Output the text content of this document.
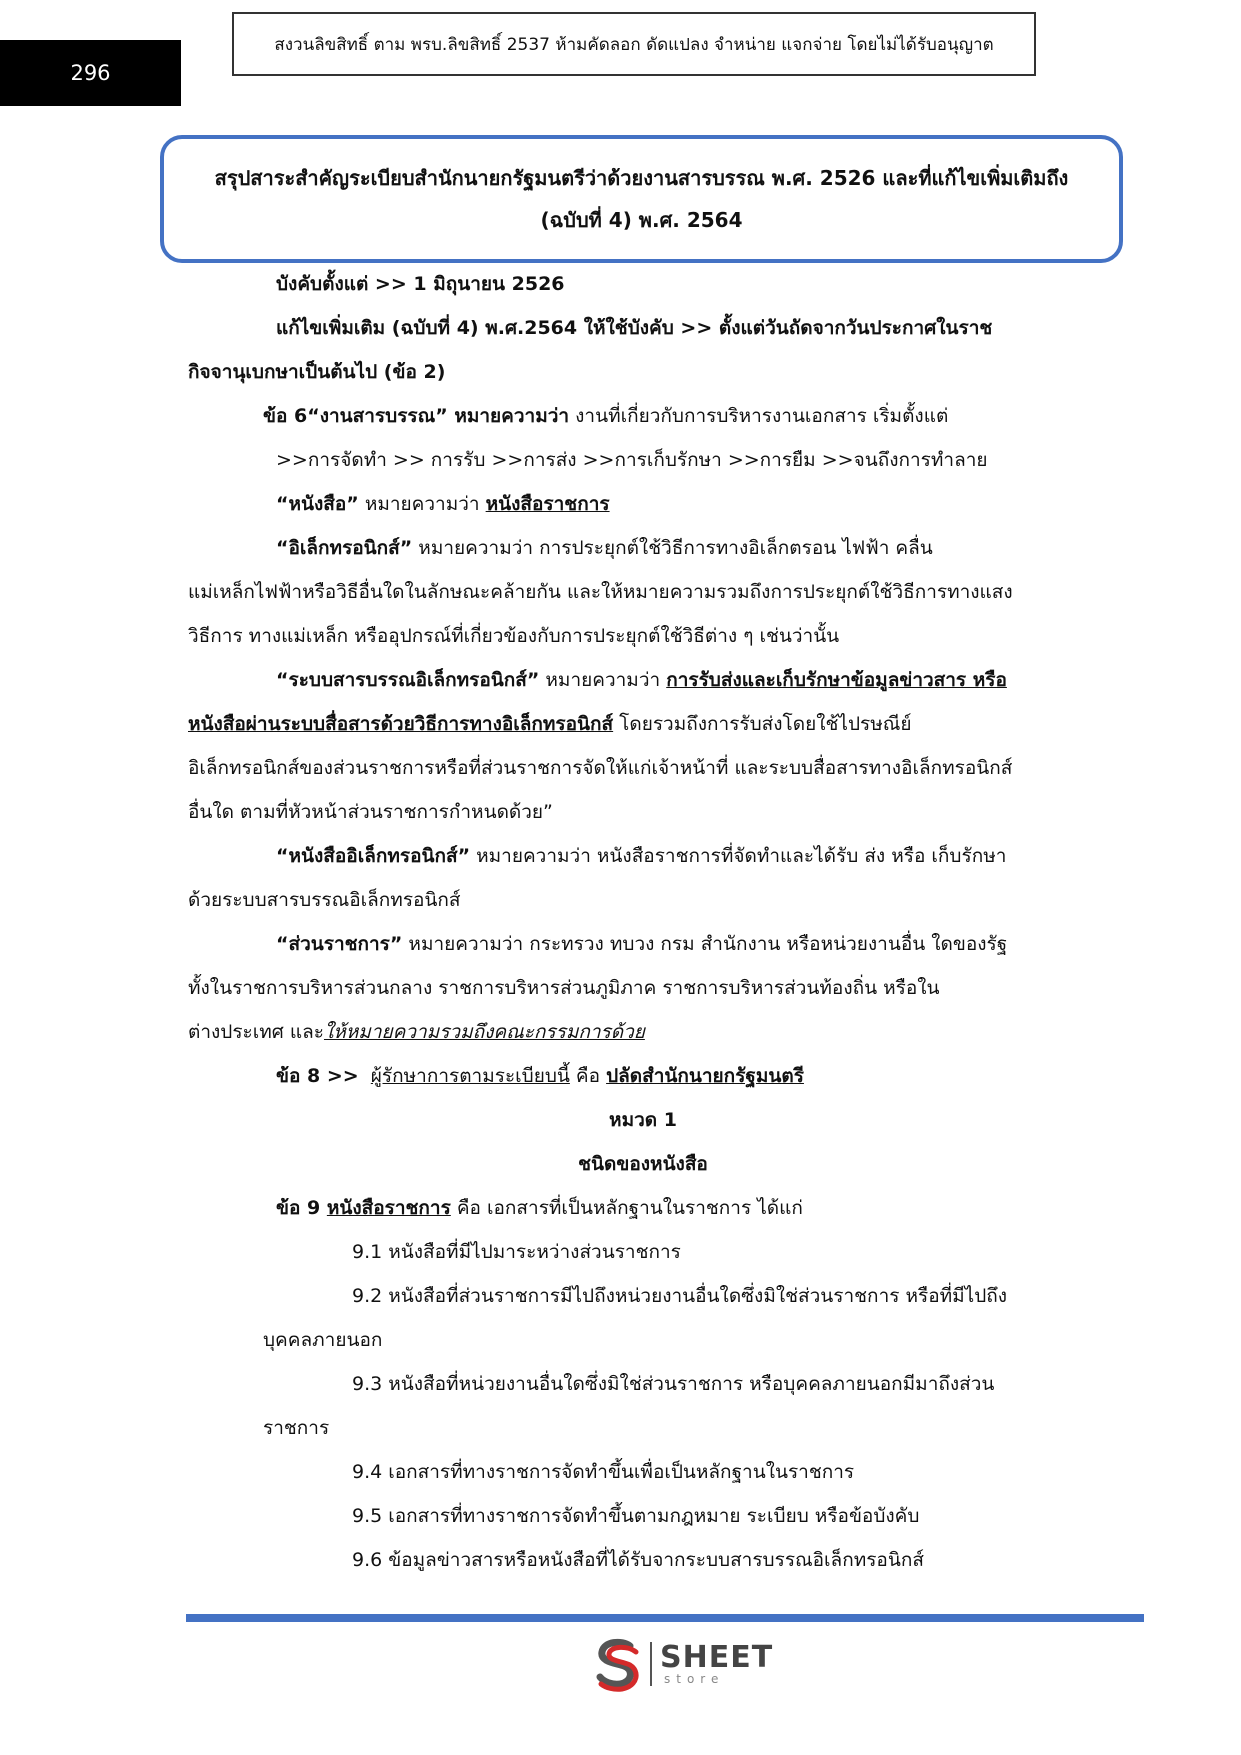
296
สงวนลิขสิทธิ์ ตาม พรบ.ลิขสิทธิ์ 2537 ห้ามคัดลอก ดัดแปลง จำหน่าย แจกจ่าย โดยไม่ได้รับอนุญาต
สรุปสาระสำคัญระเบียบสำนักนายกรัฐมนตรีว่าด้วยงานสารบรรณ พ.ศ. 2526 และที่แก้ไขเพิ่มเติมถึง
(ฉบับที่ 4) พ.ศ. 2564
บังคับตั้งแต่ >> 1 มิถุนายน 2526
แก้ไขเพิ่มเติม (ฉบับที่ 4) พ.ศ.2564 ให้ใช้บังคับ >> ตั้งแต่วันถัดจากวันประกาศในราช
กิจจานุเบกษาเป็นต้นไป (ข้อ 2)
ข้อ 6“งานสารบรรณ” หมายความว่า งานที่เกี่ยวกับการบริหารงานเอกสาร เริ่มตั้งแต่
>>การจัดทำ >> การรับ >>การส่ง >>การเก็บรักษา >>การยืม >>จนถึงการทำลาย
“หนังสือ” หมายความว่า หนังสือราชการ
“อิเล็กทรอนิกส์” หมายความว่า การประยุกต์ใช้วิธีการทางอิเล็กตรอน ไฟฟ้า คลื่น
แม่เหล็กไฟฟ้าหรือวิธีอื่นใดในลักษณะคล้ายกัน และให้หมายความรวมถึงการประยุกต์ใช้วิธีการทางแสง
วิธีการ ทางแม่เหล็ก หรืออุปกรณ์ที่เกี่ยวข้องกับการประยุกต์ใช้วิธีต่าง ๆ เช่นว่านั้น
“ระบบสารบรรณอิเล็กทรอนิกส์” หมายความว่า การรับส่งและเก็บรักษาข้อมูลข่าวสาร หรือ
หนังสือผ่านระบบสื่อสารด้วยวิธีการทางอิเล็กทรอนิกส์ โดยรวมถึงการรับส่งโดยใช้ไปรษณีย์
อิเล็กทรอนิกส์ของส่วนราชการหรือที่ส่วนราชการจัดให้แก่เจ้าหน้าที่ และระบบสื่อสารทางอิเล็กทรอนิกส์
อื่นใด ตามที่หัวหน้าส่วนราชการกำหนดด้วย”
“หนังสืออิเล็กทรอนิกส์” หมายความว่า หนังสือราชการที่จัดทำและได้รับ ส่ง หรือ เก็บรักษา
ด้วยระบบสารบรรณอิเล็กทรอนิกส์
“ส่วนราชการ” หมายความว่า กระทรวง ทบวง กรม สำนักงาน หรือหน่วยงานอื่น ใดของรัฐ
ทั้งในราชการบริหารส่วนกลาง ราชการบริหารส่วนภูมิภาค ราชการบริหารส่วนท้องถิ่น หรือใน
ต่างประเทศ และให้หมายความรวมถึงคณะกรรมการด้วย
ข้อ 8 >> ผู้รักษาการตามระเบียบนี้ คือ ปลัดสำนักนายกรัฐมนตรี
หมวด 1
ชนิดของหนังสือ
ข้อ 9 หนังสือราชการ คือ เอกสารที่เป็นหลักฐานในราชการ ได้แก่
9.1 หนังสือที่มีไปมาระหว่างส่วนราชการ
9.2 หนังสือที่ส่วนราชการมีไปถึงหน่วยงานอื่นใดซึ่งมิใช่ส่วนราชการ หรือที่มีไปถึง
บุคคลภายนอก
9.3 หนังสือที่หน่วยงานอื่นใดซึ่งมิใช่ส่วนราชการ หรือบุคคลภายนอกมีมาถึงส่วน
ราชการ
9.4 เอกสารที่ทางราชการจัดทำขึ้นเพื่อเป็นหลักฐานในราชการ
9.5 เอกสารที่ทางราชการจัดทำขึ้นตามกฎหมาย ระเบียบ หรือข้อบังคับ
9.6 ข้อมูลข่าวสารหรือหนังสือที่ได้รับจากระบบสารบรรณอิเล็กทรอนิกส์
SHEET
store
